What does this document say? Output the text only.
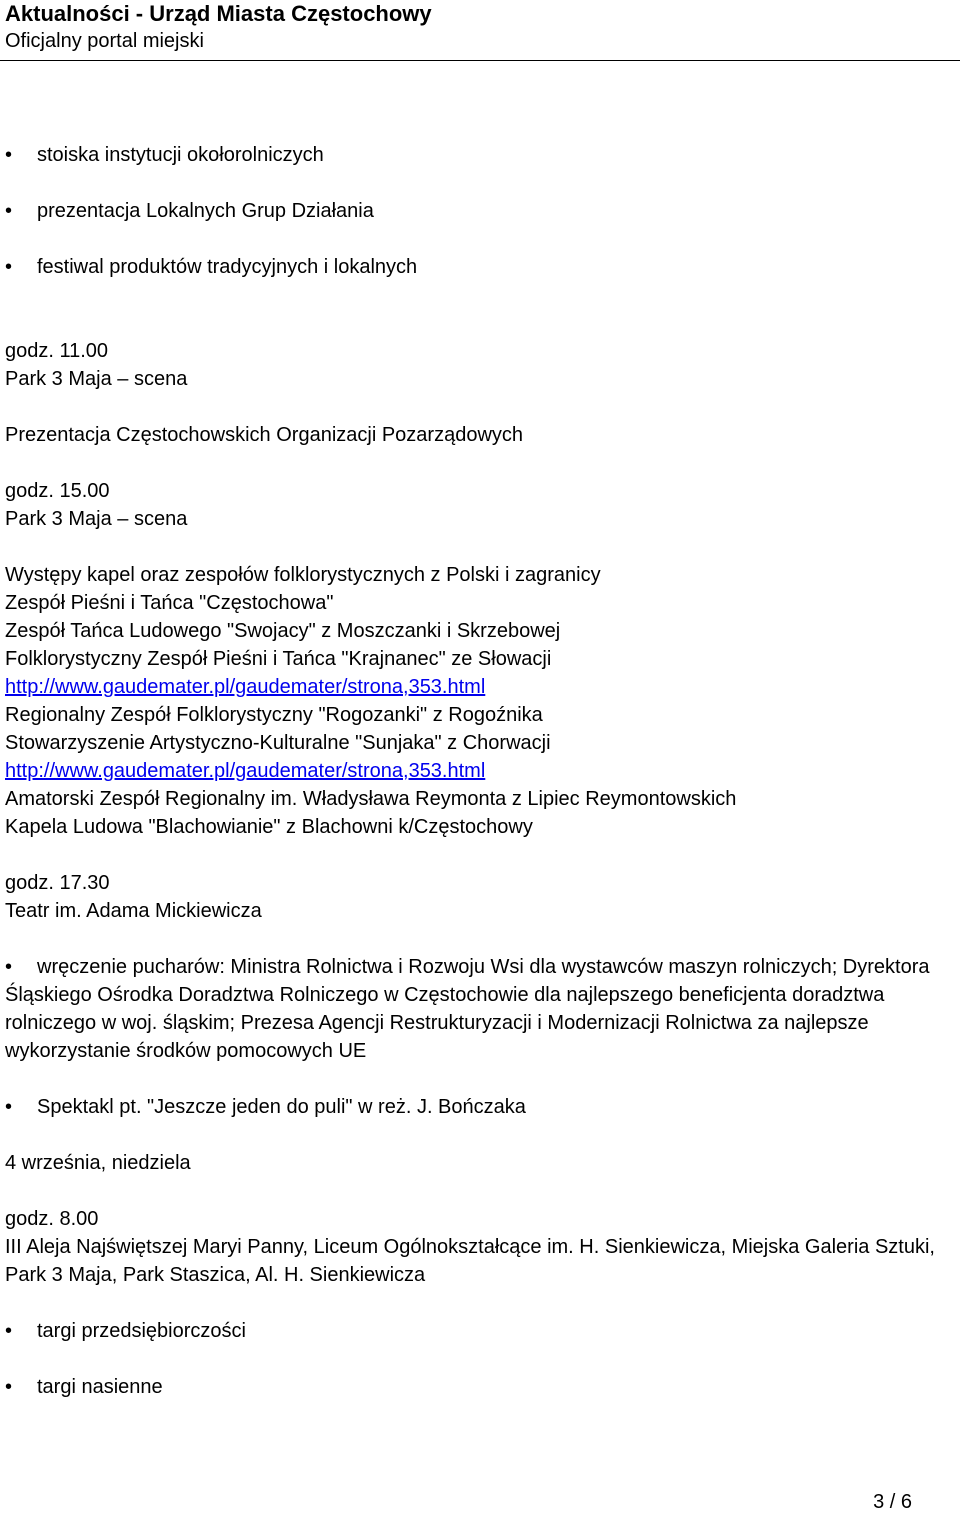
Aktualności - Urząd Miasta Częstochowy
Oficjalny portal miejski

• stoiska instytucji okołorolniczych

• prezentacja Lokalnych Grup Działania

• festiwal produktów tradycyjnych i lokalnych

godz. 11.00

Park 3 Maja – scena

Prezentacja Częstochowskich Organizacji Pozarządowych

godz. 15.00

Park 3 Maja – scena

Występy kapel oraz zespołów folklorystycznych z Polski i zagranicy

Zespół Pieśni i Tańca "Częstochowa"

Zespół Tańca Ludowego "Swojacy" z Moszczanki i Skrzebowej

Folklorystyczny Zespół Pieśni i Tańca "Krajnanec" ze Słowacji

http://www.gaudemater.pl/gaudemater/strona,353.html

Regionalny Zespół Folklorystyczny "Rogozanki" z Rogoźnika

Stowarzyszenie Artystyczno-Kulturalne "Sunjaka" z Chorwacji

http://www.gaudemater.pl/gaudemater/strona,353.html

Amatorski Zespół Regionalny im. Władysława Reymonta z Lipiec Reymontowskich

Kapela Ludowa "Blachowianie" z Blachowni k/Częstochowy

godz. 17.30

Teatr im. Adama Mickiewicza

• wręczenie pucharów: Ministra Rolnictwa i Rozwoju Wsi dla wystawców maszyn rolniczych; Dyrektora Śląskiego Ośrodka Doradztwa Rolniczego w Częstochowie dla najlepszego beneficjenta doradztwa rolniczego w woj. śląskim; Prezesa Agencji Restrukturyzacji i Modernizacji Rolnictwa za najlepsze wykorzystanie środków pomocowych UE

• Spektakl pt. "Jeszcze jeden do puli" w reż. J. Bończaka

4 września, niedziela

godz. 8.00

III Aleja Najświętszej Maryi Panny, Liceum Ogólnokształcące im. H. Sienkiewicza, Miejska Galeria Sztuki, Park 3 Maja, Park Staszica, Al. H. Sienkiewicza

• targi przedsiębiorczości

• targi nasienne

3 / 6
